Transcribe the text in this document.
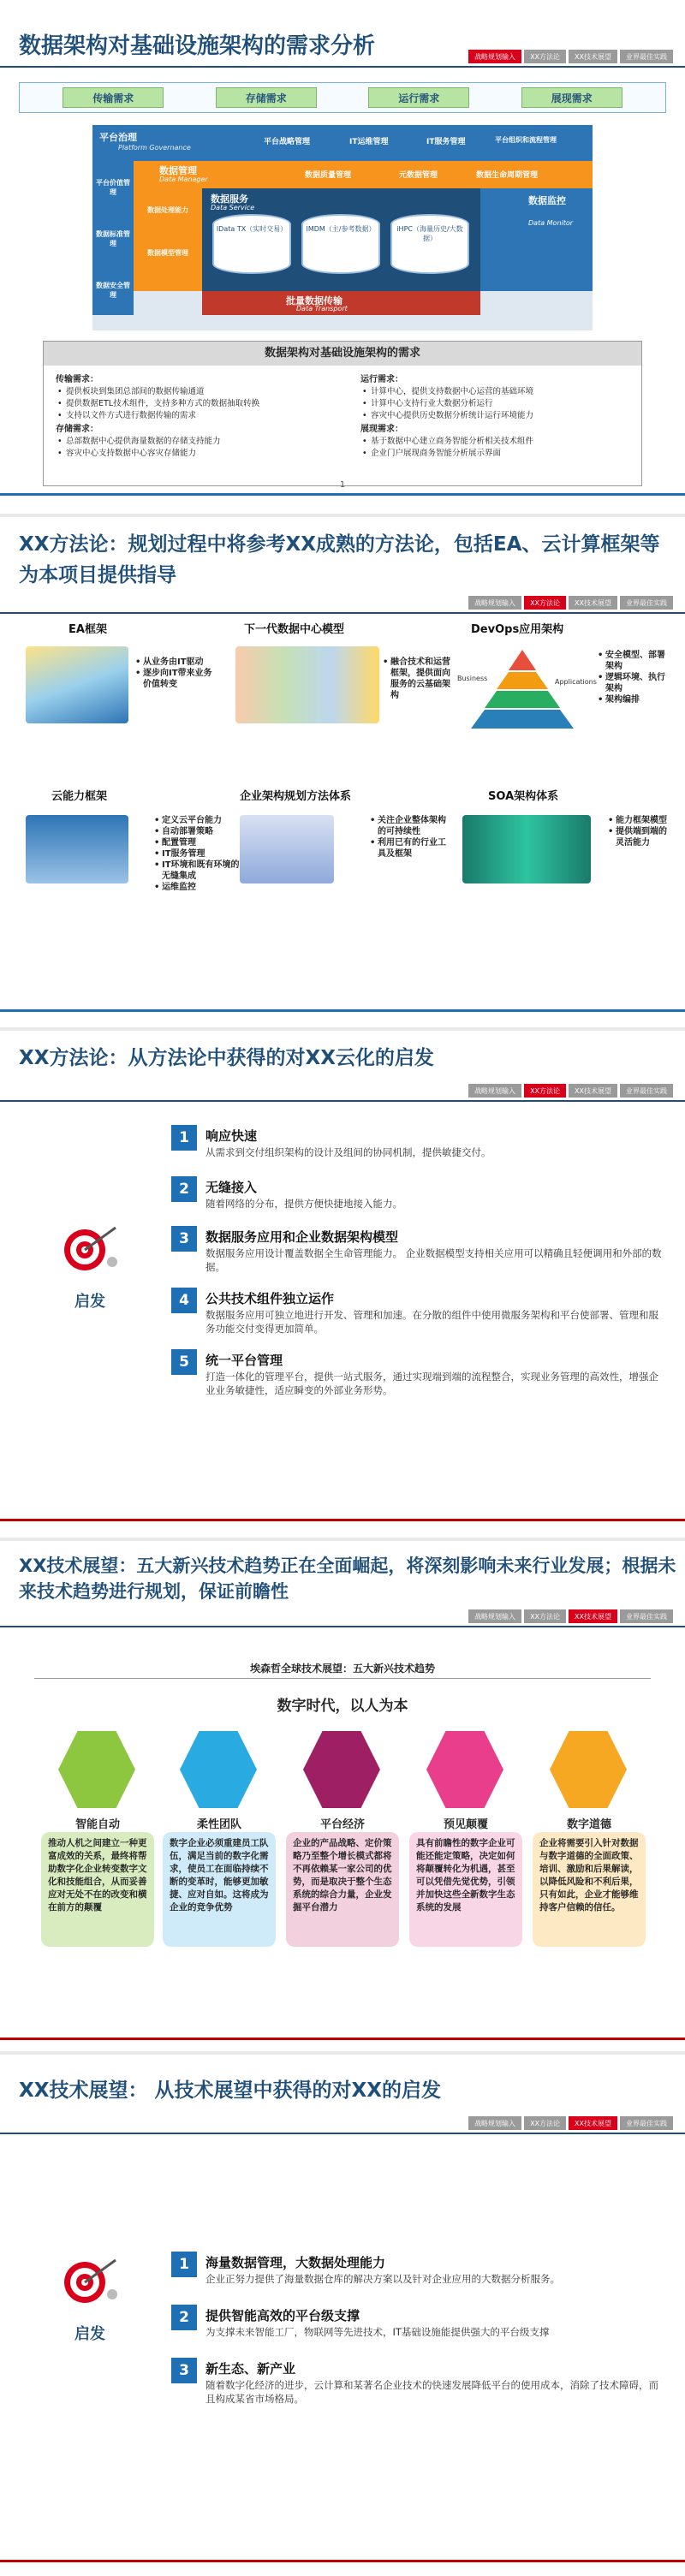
数据架构对基础设施架构的需求分析	战略规划输入	XX方法论	XX技术展望	业界最佳实践
传输需求	存储需求	运行需求	展现需求
平台治理
Platform Governance
平台战略管理	IT运维管理	IT服务管理	平台组织和流程管理
平台价值管理
数据标准管理
数据安全管理
数据管理
Data Manager	数据质量管理	元数据管理	数据生命周期管理
数据处理能力
数据模型管理
数据服务
Data Service
IData TX（实时交易）	IMDM（主/参考数据）	iHPC（海量历史/大数据）
数据监控
Data Monitor
批量数据传输
Data Transport
数据架构对基础设施架构的需求
传输需求：
• 提供板块到集团总部间的数据传输通道
• 提供数据ETL技术组件，支持多种方式的数据抽取转换
• 支持以文件方式进行数据传输的需求
存储需求：
• 总部数据中心提供海量数据的存储支持能力
• 容灾中心支持数据中心容灾存储能力
运行需求：
• 计算中心，提供支持数据中心运营的基础环境
• 计算中心支持行业大数据分析运行
• 容灾中心提供历史数据分析统计运行环境能力
展现需求：
• 基于数据中心建立商务智能分析相关技术组件
• 企业门户展现商务智能分析展示界面
1
XX方法论：规划过程中将参考XX成熟的方法论，包括EA、云计算框架等为本项目提供指导
战略规划输入	XX方法论	XX技术展望	业界最佳实践
EA框架
• 从业务由IT驱动
• 逐步向IT带来业务价值转变
下一代数据中心模型
• 融合技术和运营框架，提供面向服务的云基础架构
DevOps应用架构
Business	Applications
• 安全模型、部署架构
• 逻辑环境、执行架构
• 架构编排
云能力框架
• 定义云平台能力
• 自动部署策略
• 配置管理
• IT服务管理
• IT环境和既有环境的无缝集成
• 运维监控
企业架构规划方法体系
• 关注企业整体架构的可持续性
• 利用已有的行业工具及框架
SOA架构体系
• 能力框架模型
• 提供端到端的灵活能力
XX方法论：从方法论中获得的对XX云化的启发
战略规划输入	XX方法论	XX技术展望	业界最佳实践
启发
1	响应快速
从需求到交付组织架构的设计及组间的协同机制，提供敏捷交付。
2	无缝接入
随着网络的分布，提供方便快捷地接入能力。
3	数据服务应用和企业数据架构模型
数据服务应用设计覆盖数据全生命管理能力。 企业数据模型支持相关应用可以精确且轻便调用和外部的数据。
4	公共技术组件独立运作
数据服务应用可独立地进行开发、管理和加速。在分散的组件中使用微服务架构和平台使部署、管理和服务功能交付变得更加简单。
5	统一平台管理
打造一体化的管理平台，提供一站式服务，通过实现端到端的流程整合，实现业务管理的高效性，增强企业业务敏捷性，适应瞬变的外部业务形势。
XX技术展望：五大新兴技术趋势正在全面崛起，将深刻影响未来行业发展；根据未来技术趋势进行规划，保证前瞻性
战略规划输入	XX方法论	XX技术展望	业界最佳实践
埃森哲全球技术展望：五大新兴技术趋势
数字时代，以人为本
智能自动
推动人机之间建立一种更富成效的关系，最终将帮助数字化企业转变数字文化和技能组合，从而妥善应对无处不在的改变和横在前方的颠覆
柔性团队
数字企业必须重建员工队伍，满足当前的数字化需求，使员工在面临持续不断的变革时，能够更加敏捷、应对自如。这将成为企业的竞争优势
平台经济
企业的产品战略、定价策略乃至整个增长模式都将不再依赖某一家公司的优势，而是取决于整个生态系统的综合力量，企业发掘平台潜力
预见颠覆
具有前瞻性的数字企业可能还能定策略，决定如何将颠覆转化为机遇，甚至可以凭借先觉优势，引领并加快这些全新数字生态系统的发展
数字道德
企业将需要引入针对数据与数字道德的全面政策、培训、激励和后果解读，以降低风险和不利后果，只有如此，企业才能够维持客户信赖的信任。
XX技术展望： 从技术展望中获得的对XX的启发
战略规划输入	XX方法论	XX技术展望	业界最佳实践
启发
1	海量数据管理，大数据处理能力
企业正努力提供了海量数据仓库的解决方案以及针对企业应用的大数据分析服务。
2	提供智能高效的平台级支撑
为支撑未来智能工厂，物联网等先进技术，IT基础设施能提供强大的平台级支撑
3	新生态、新产业
随着数字化经济的进步，云计算和某著名企业技术的快速发展降低平台的使用成本，消除了技术障碍，而且构成某省市场格局。
